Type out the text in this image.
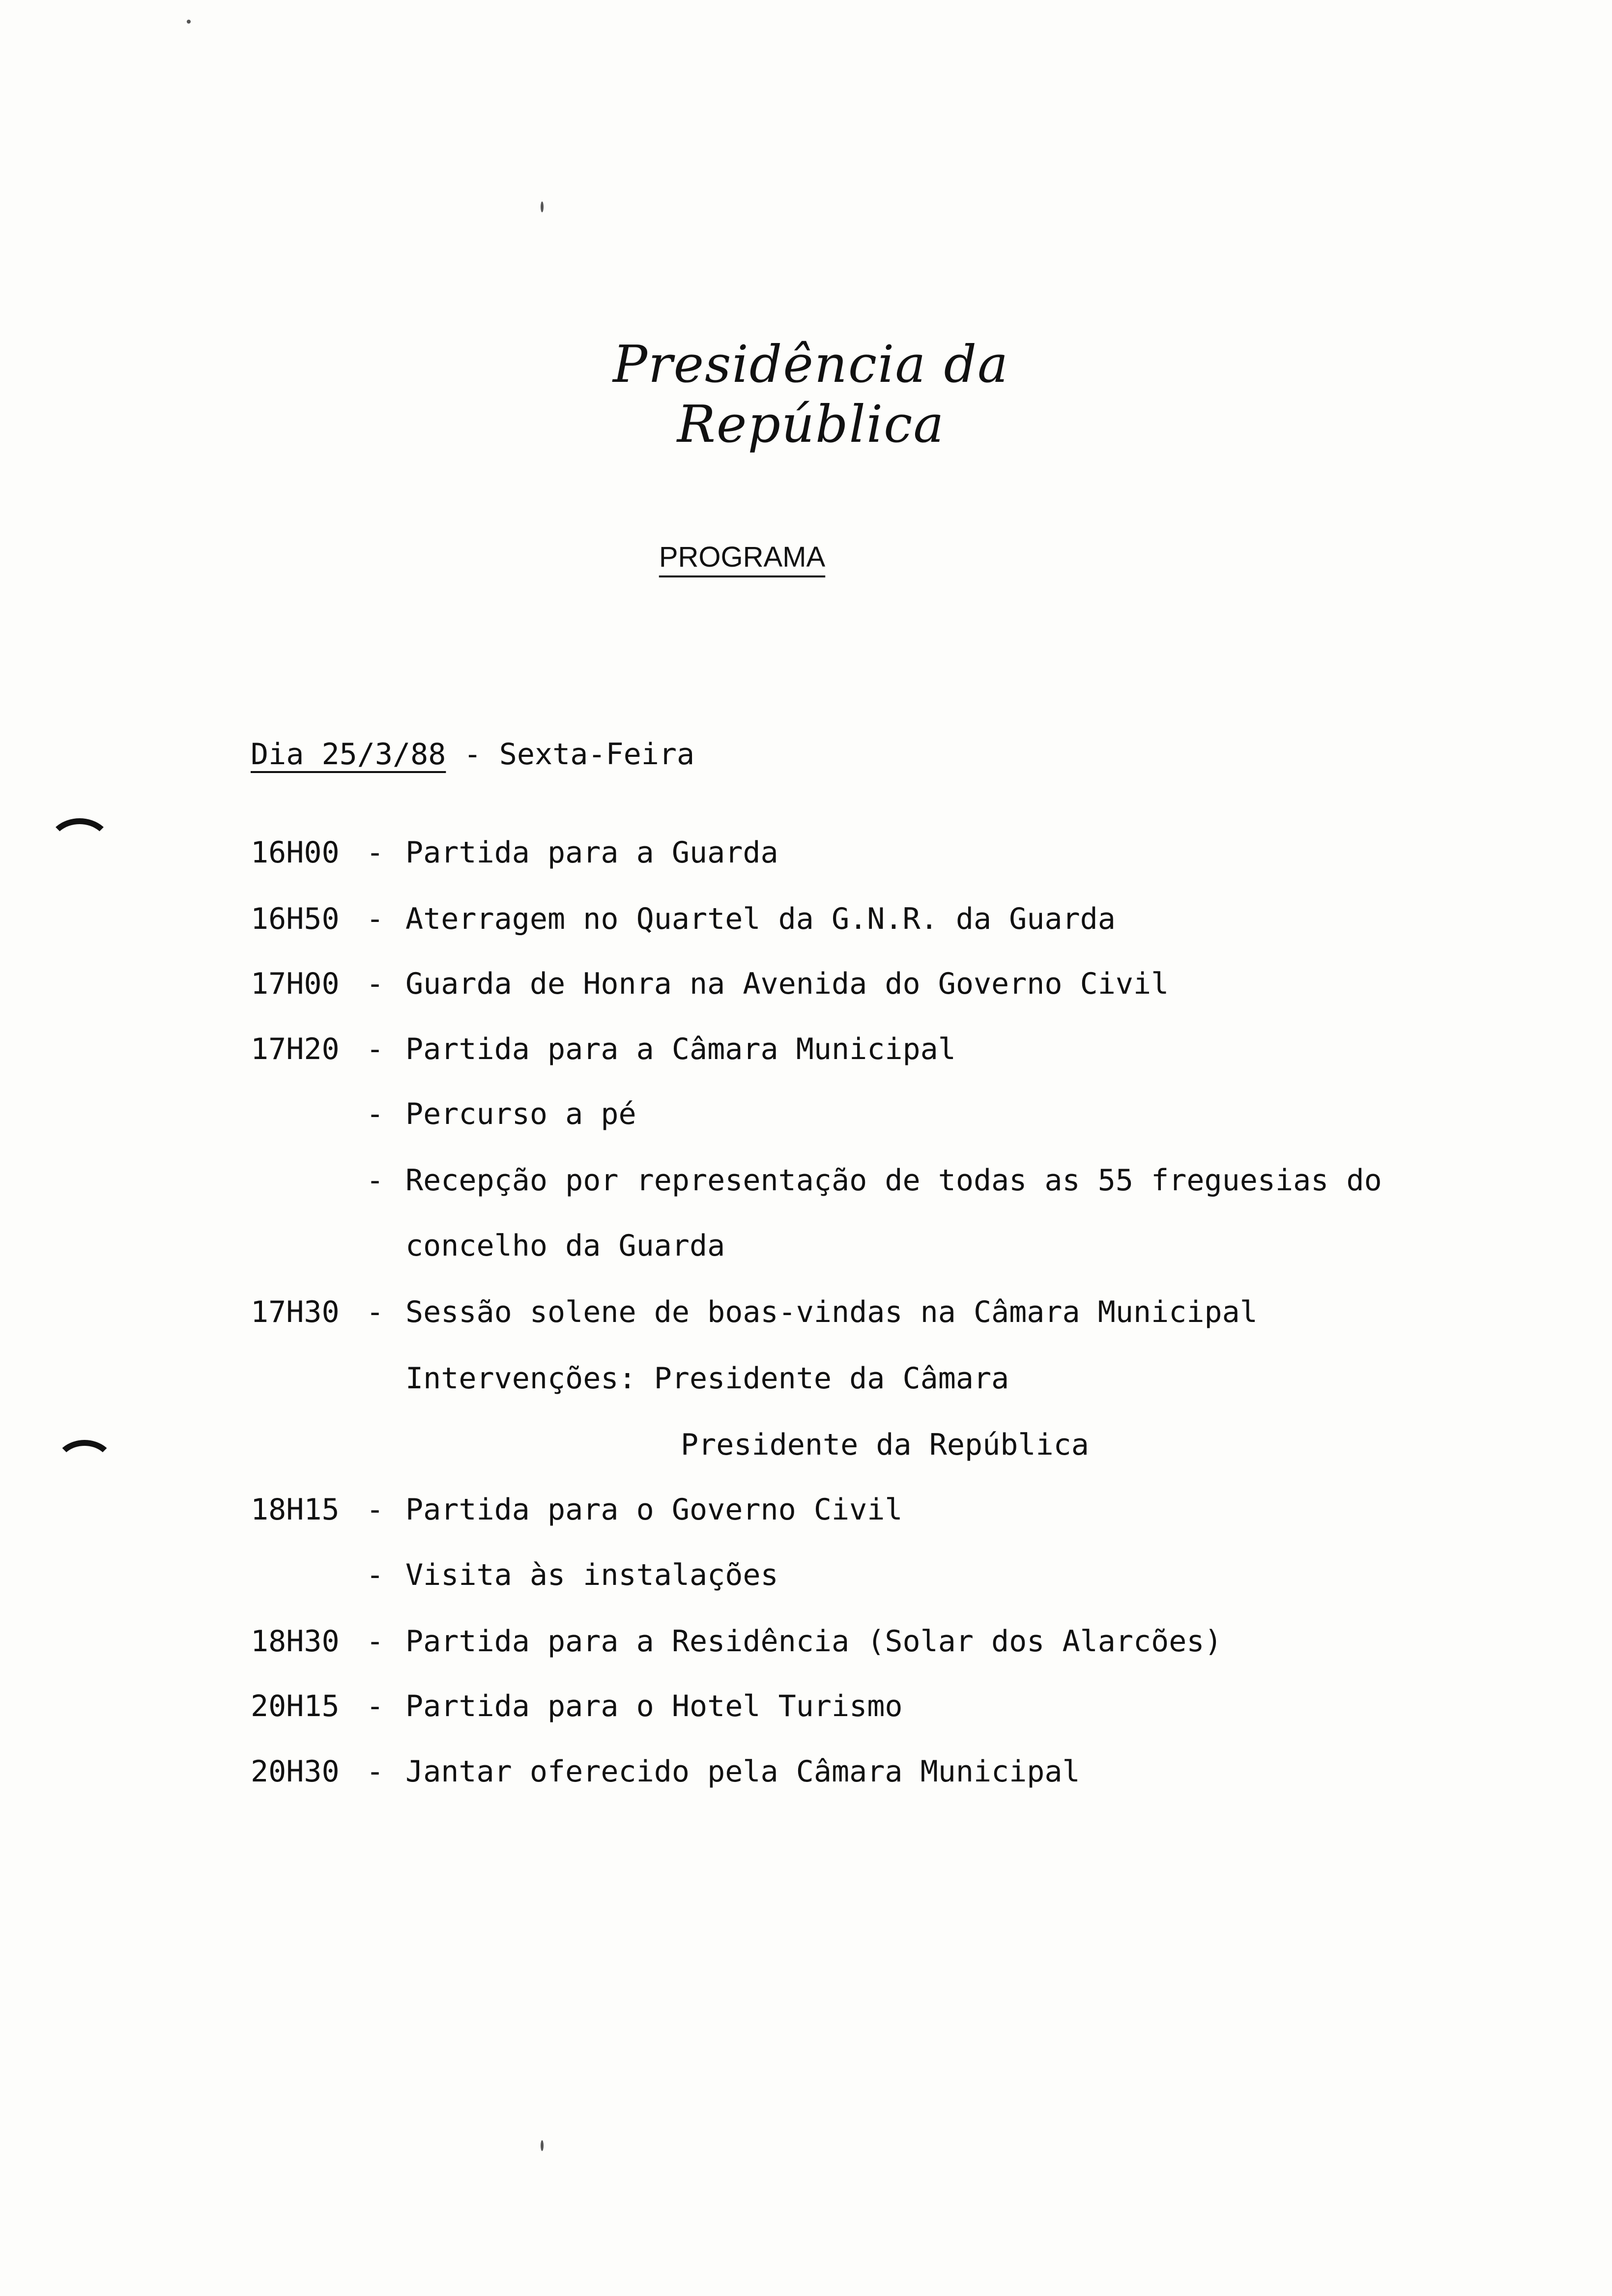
Presidência da República
PROGRAMA
Dia 25/3/88 - Sexta-Feira

16H00

-

Partida para a Guarda

16H50

-

Aterragem no Quartel da G.N.R. da Guarda

17H00

-

Guarda de Honra na Avenida do Governo Civil

17H20

-

Partida para a Câmara Municipal

-

Percurso a pé

-

Recepção por representação de todas as 55 freguesias do

concelho da Guarda

17H30

-

Sessão solene de boas-vindas na Câmara Municipal

Intervenções: Presidente da Câmara

Presidente da República

18H15

-

Partida para o Governo Civil

-

Visita às instalações

18H30

-

Partida para a Residência (Solar dos Alarcões)

20H15

-

Partida para o Hotel Turismo

20H30

-

Jantar oferecido pela Câmara Municipal
